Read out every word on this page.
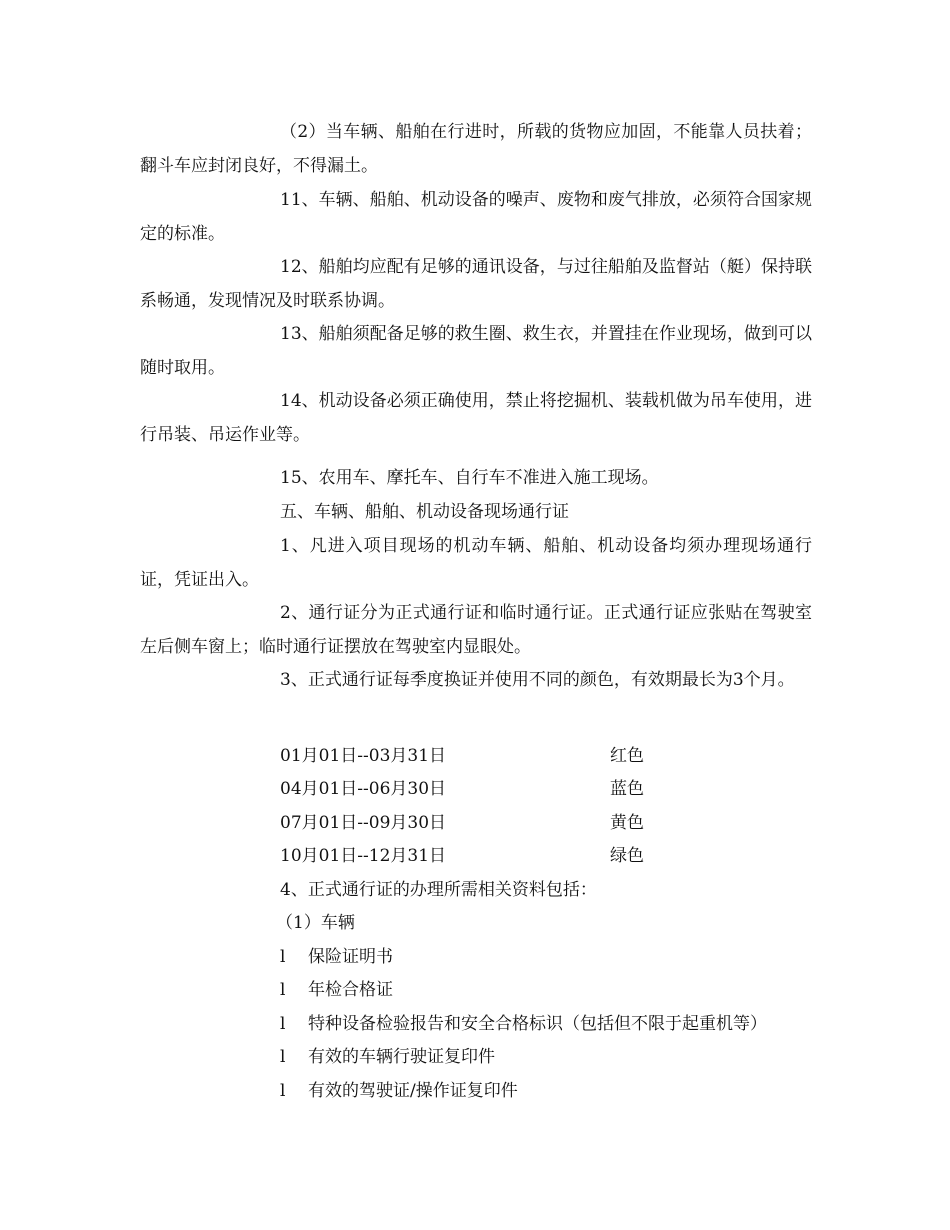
（2）当车辆、船舶在行进时，所载的货物应加固，不能靠人员扶着；翻斗车应封闭良好，不得漏土。

11、车辆、船舶、机动设备的噪声、废物和废气排放，必须符合国家规定的标准。

12、船舶均应配有足够的通讯设备，与过往船舶及监督站（艇）保持联系畅通，发现情况及时联系协调。

13、船舶须配备足够的救生圈、救生衣，并置挂在作业现场，做到可以随时取用。

14、机动设备必须正确使用，禁止将挖掘机、装载机做为吊车使用，进行吊装、吊运作业等。

15、农用车、摩托车、自行车不准进入施工现场。
五、车辆、船舶、机动设备现场通行证

1、凡进入项目现场的机动车辆、船舶、机动设备均须办理现场通行证，凭证出入。

2、通行证分为正式通行证和临时通行证。正式通行证应张贴在驾驶室左后侧车窗上；临时通行证摆放在驾驶室内显眼处。

3、正式通行证每季度换证并使用不同的颜色，有效期最长为3个月。

01月01日--03月31日	红色
04月01日--06月30日	蓝色
07月01日--09月30日	黄色
10月01日--12月31日	绿色
4、正式通行证的办理所需相关资料包括：
（1）车辆
l 保险证明书
l 年检合格证
l 特种设备检验报告和安全合格标识（包括但不限于起重机等）
l 有效的车辆行驶证复印件
l 有效的驾驶证/操作证复印件
